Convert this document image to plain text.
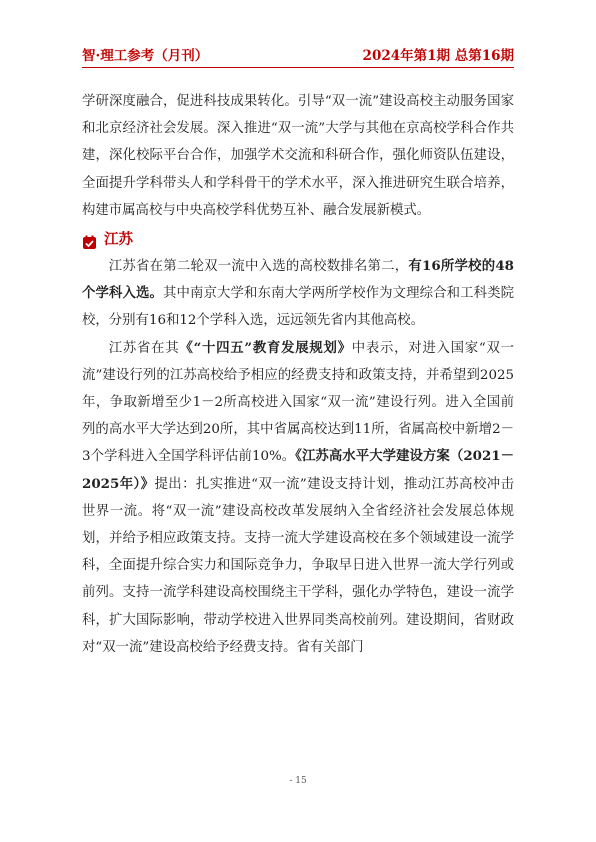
智·理工参考（月刊）	2024年第1期 总第16期

学研深度融合，促进科技成果转化。引导“双一流”建设高校主动服务国家和北京经济社会发展。深入推进“双一流”大学与其他在京高校学科合作共建，深化校际平台合作，加强学术交流和科研合作，强化师资队伍建设，全面提升学科带头人和学科骨干的学术水平，深入推进研究生联合培养，构建市属高校与中央高校学科优势互补、融合发展新模式。

江苏

江苏省在第二轮双一流中入选的高校数排名第二，有16所学校的48个学科入选。其中南京大学和东南大学两所学校作为文理综合和工科类院校，分别有16和12个学科入选，远远领先省内其他高校。

江苏省在其《“十四五”教育发展规划》中表示，对进入国家“双一流”建设行列的江苏高校给予相应的经费支持和政策支持，并希望到2025年，争取新增至少1－2所高校进入国家“双一流”建设行列。进入全国前列的高水平大学达到20所，其中省属高校达到11所，省属高校中新增2－3个学科进入全国学科评估前10%。《江苏高水平大学建设方案（2021－2025年）》提出：扎实推进“双一流”建设支持计划，推动江苏高校冲击世界一流。将“双一流”建设高校改革发展纳入全省经济社会发展总体规划，并给予相应政策支持。支持一流大学建设高校在多个领域建设一流学科，全面提升综合实力和国际竞争力，争取早日进入世界一流大学行列或前列。支持一流学科建设高校围绕主干学科，强化办学特色，建设一流学科，扩大国际影响，带动学校进入世界同类高校前列。建设期间，省财政对“双一流”建设高校给予经费支持。省有关部门

- 15
